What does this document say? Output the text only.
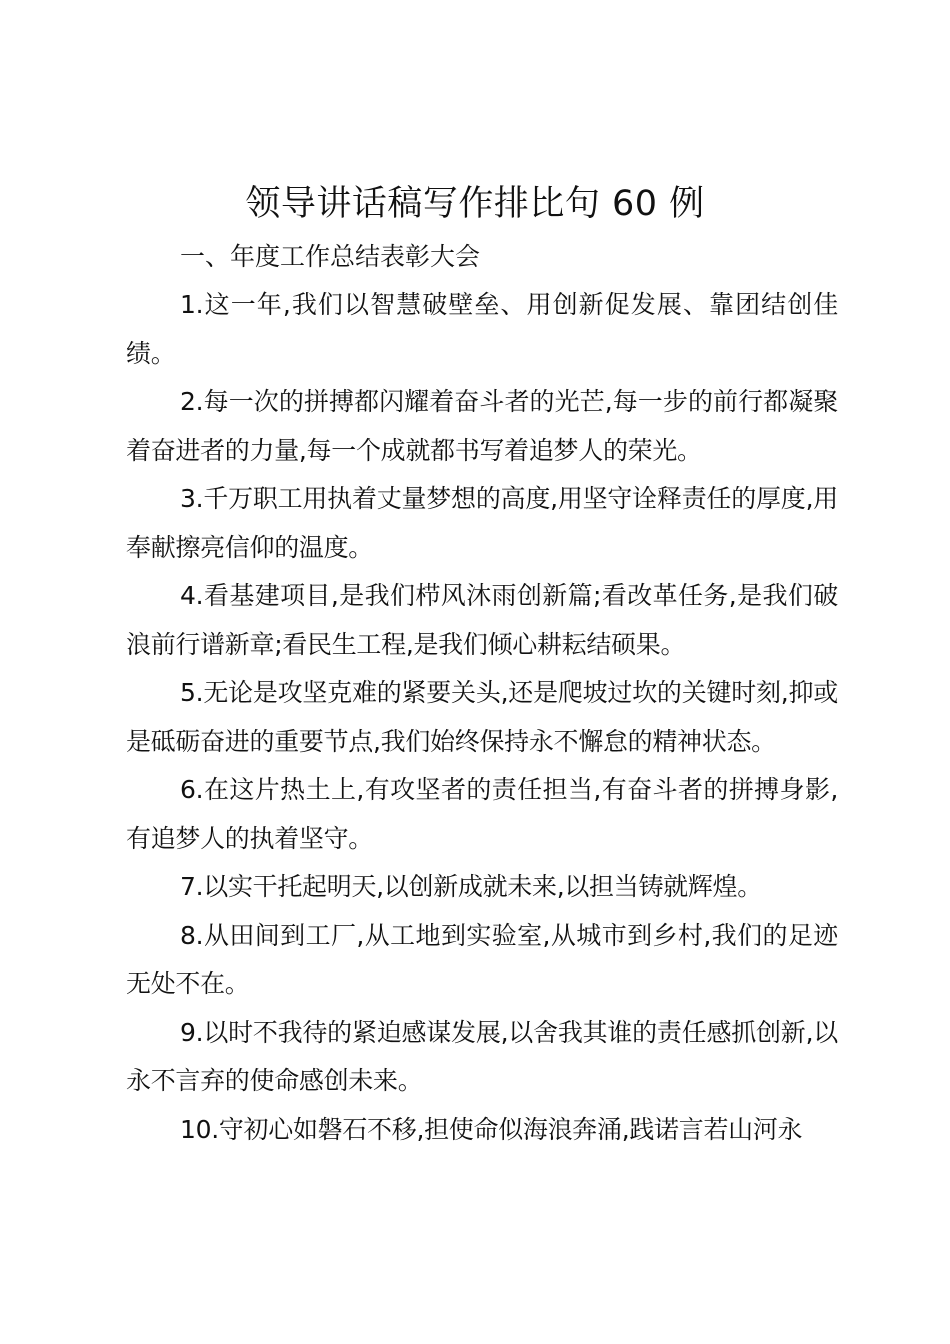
领导讲话稿写作排比句 60 例

一、年度工作总结表彰大会

1.这一年,我们以智慧破壁垒、用创新促发展、靠团结创佳绩。

2.每一次的拼搏都闪耀着奋斗者的光芒,每一步的前行都凝聚着奋进者的力量,每一个成就都书写着追梦人的荣光。

3.千万职工用执着丈量梦想的高度,用坚守诠释责任的厚度,用奉献擦亮信仰的温度。

4.看基建项目,是我们栉风沐雨创新篇;看改革任务,是我们破浪前行谱新章;看民生工程,是我们倾心耕耘结硕果。

5.无论是攻坚克难的紧要关头,还是爬坡过坎的关键时刻,抑或是砥砺奋进的重要节点,我们始终保持永不懈怠的精神状态。

6.在这片热土上,有攻坚者的责任担当,有奋斗者的拼搏身影,有追梦人的执着坚守。

7.以实干托起明天,以创新成就未来,以担当铸就辉煌。

8.从田间到工厂,从工地到实验室,从城市到乡村,我们的足迹无处不在。

9.以时不我待的紧迫感谋发展,以舍我其谁的责任感抓创新,以永不言弃的使命感创未来。

10.守初心如磐石不移,担使命似海浪奔涌,践诺言若山河永
